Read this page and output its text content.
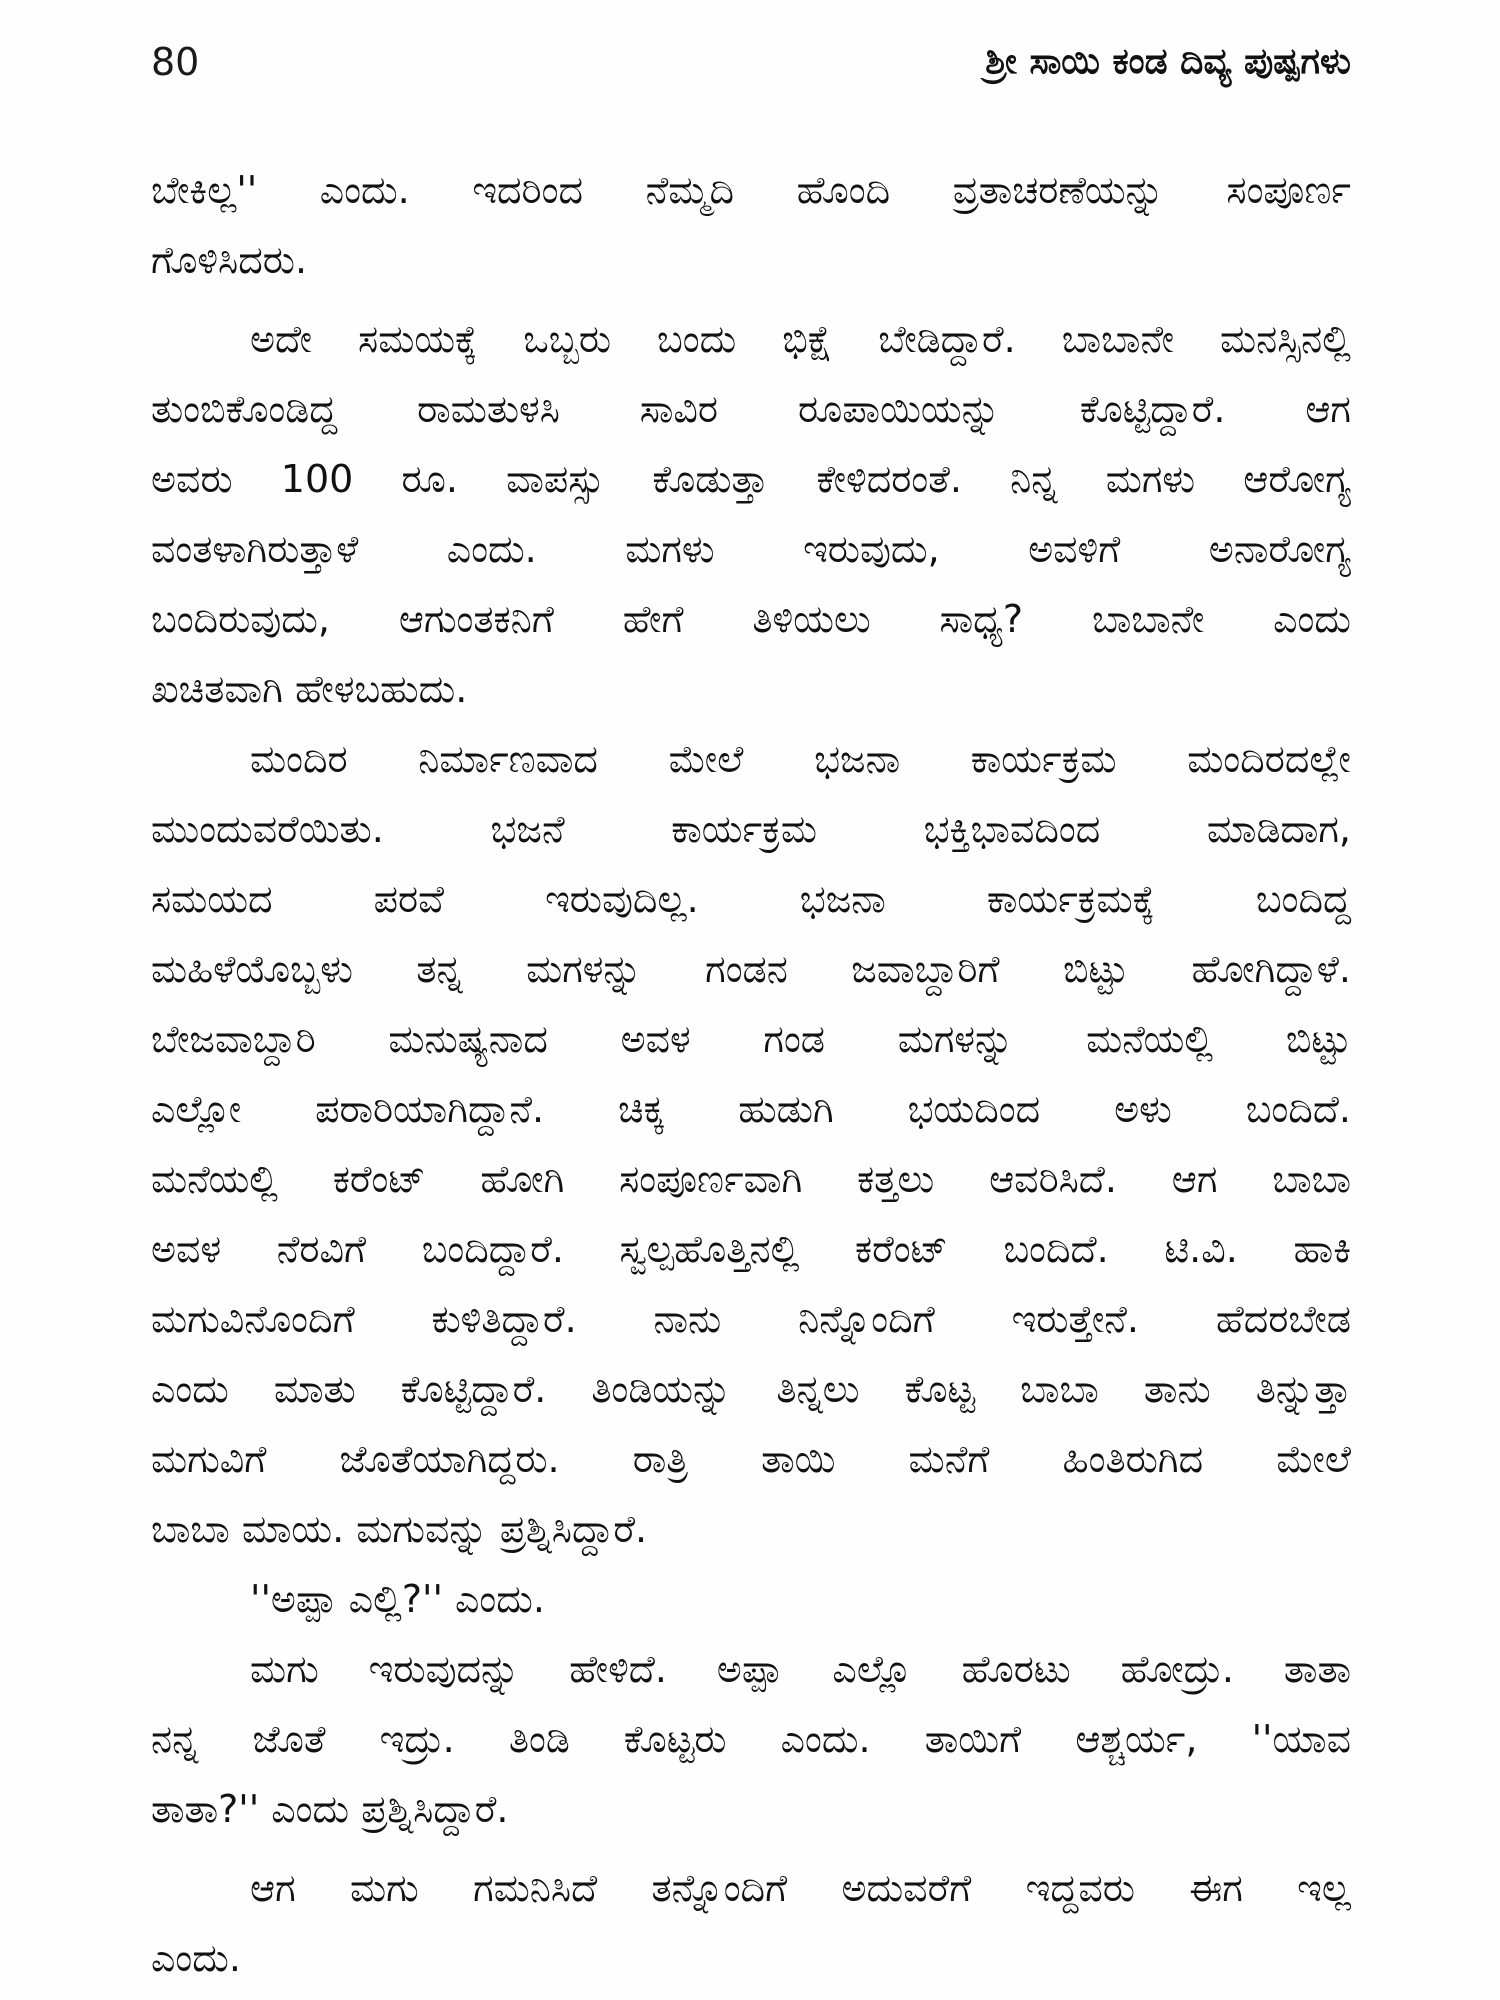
80	ಶ್ರೀ ಸಾಯಿ ಕಂಡ ದಿವ್ಯ ಪುಷ್ಪಗಳು
ಬೇಕಿಲ್ಲ'' ಎಂದು. ಇದರಿಂದ ನೆಮ್ಮದಿ ಹೊಂದಿ ವ್ರತಾಚರಣೆಯನ್ನು ಸಂಪೂರ್ಣ
ಗೊಳಿಸಿದರು.
ಅದೇ ಸಮಯಕ್ಕೆ ಒಬ್ಬರು ಬಂದು ಭಿಕ್ಷೆ ಬೇಡಿದ್ದಾರೆ. ಬಾಬಾನೇ ಮನಸ್ಸಿನಲ್ಲಿ
ತುಂಬಿಕೊಂಡಿದ್ದ ರಾಮತುಳಸಿ ಸಾವಿರ ರೂಪಾಯಿಯನ್ನು ಕೊಟ್ಟಿದ್ದಾರೆ. ಆಗ
ಅವರು 100 ರೂ. ವಾಪಸ್ಸು ಕೊಡುತ್ತಾ ಕೇಳಿದರಂತೆ. ನಿನ್ನ ಮಗಳು ಆರೋಗ್ಯ
ವಂತಳಾಗಿರುತ್ತಾಳೆ ಎಂದು. ಮಗಳು ಇರುವುದು, ಅವಳಿಗೆ ಅನಾರೋಗ್ಯ
ಬಂದಿರುವುದು, ಆಗುಂತಕನಿಗೆ ಹೇಗೆ ತಿಳಿಯಲು ಸಾಧ್ಯ? ಬಾಬಾನೇ ಎಂದು
ಖಚಿತವಾಗಿ ಹೇಳಬಹುದು.
ಮಂದಿರ ನಿರ್ಮಾಣವಾದ ಮೇಲೆ ಭಜನಾ ಕಾರ್ಯಕ್ರಮ ಮಂದಿರದಲ್ಲೇ
ಮುಂದುವರೆಯಿತು. ಭಜನೆ ಕಾರ್ಯಕ್ರಮ ಭಕ್ತಿಭಾವದಿಂದ ಮಾಡಿದಾಗ,
ಸಮಯದ ಪರವೆ ಇರುವುದಿಲ್ಲ. ಭಜನಾ ಕಾರ್ಯಕ್ರಮಕ್ಕೆ ಬಂದಿದ್ದ
ಮಹಿಳೆಯೊಬ್ಬಳು ತನ್ನ ಮಗಳನ್ನು ಗಂಡನ ಜವಾಬ್ದಾರಿಗೆ ಬಿಟ್ಟು ಹೋಗಿದ್ದಾಳೆ.
ಬೇಜವಾಬ್ದಾರಿ ಮನುಷ್ಯನಾದ ಅವಳ ಗಂಡ ಮಗಳನ್ನು ಮನೆಯಲ್ಲಿ ಬಿಟ್ಟು
ಎಲ್ಲೋ ಪರಾರಿಯಾಗಿದ್ದಾನೆ. ಚಿಕ್ಕ ಹುಡುಗಿ ಭಯದಿಂದ ಅಳು ಬಂದಿದೆ.
ಮನೆಯಲ್ಲಿ ಕರೆಂಟ್ ಹೋಗಿ ಸಂಪೂರ್ಣವಾಗಿ ಕತ್ತಲು ಆವರಿಸಿದೆ. ಆಗ ಬಾಬಾ
ಅವಳ ನೆರವಿಗೆ ಬಂದಿದ್ದಾರೆ. ಸ್ವಲ್ಪಹೊತ್ತಿನಲ್ಲಿ ಕರೆಂಟ್ ಬಂದಿದೆ. ಟಿ.ವಿ. ಹಾಕಿ
ಮಗುವಿನೊಂದಿಗೆ ಕುಳಿತಿದ್ದಾರೆ. ನಾನು ನಿನ್ನೊಂದಿಗೆ ಇರುತ್ತೇನೆ. ಹೆದರಬೇಡ
ಎಂದು ಮಾತು ಕೊಟ್ಟಿದ್ದಾರೆ. ತಿಂಡಿಯನ್ನು ತಿನ್ನಲು ಕೊಟ್ಟ ಬಾಬಾ ತಾನು ತಿನ್ನುತ್ತಾ
ಮಗುವಿಗೆ ಜೊತೆಯಾಗಿದ್ದರು. ರಾತ್ರಿ ತಾಯಿ ಮನೆಗೆ ಹಿಂತಿರುಗಿದ ಮೇಲೆ
ಬಾಬಾ ಮಾಯ. ಮಗುವನ್ನು ಪ್ರಶ್ನಿಸಿದ್ದಾರೆ.
''ಅಪ್ಪಾ ಎಲ್ಲಿ?'' ಎಂದು.
ಮಗು ಇರುವುದನ್ನು ಹೇಳಿದೆ. ಅಪ್ಪಾ ಎಲ್ಲೊ ಹೊರಟು ಹೋದ್ರು. ತಾತಾ
ನನ್ನ ಜೊತೆ ಇದ್ರು. ತಿಂಡಿ ಕೊಟ್ಟರು ಎಂದು. ತಾಯಿಗೆ ಆಶ್ಚರ್ಯ, ''ಯಾವ
ತಾತಾ?'' ಎಂದು ಪ್ರಶ್ನಿಸಿದ್ದಾರೆ.
ಆಗ ಮಗು ಗಮನಿಸಿದೆ ತನ್ನೊಂದಿಗೆ ಅದುವರೆಗೆ ಇದ್ದವರು ಈಗ ಇಲ್ಲ
ಎಂದು.
